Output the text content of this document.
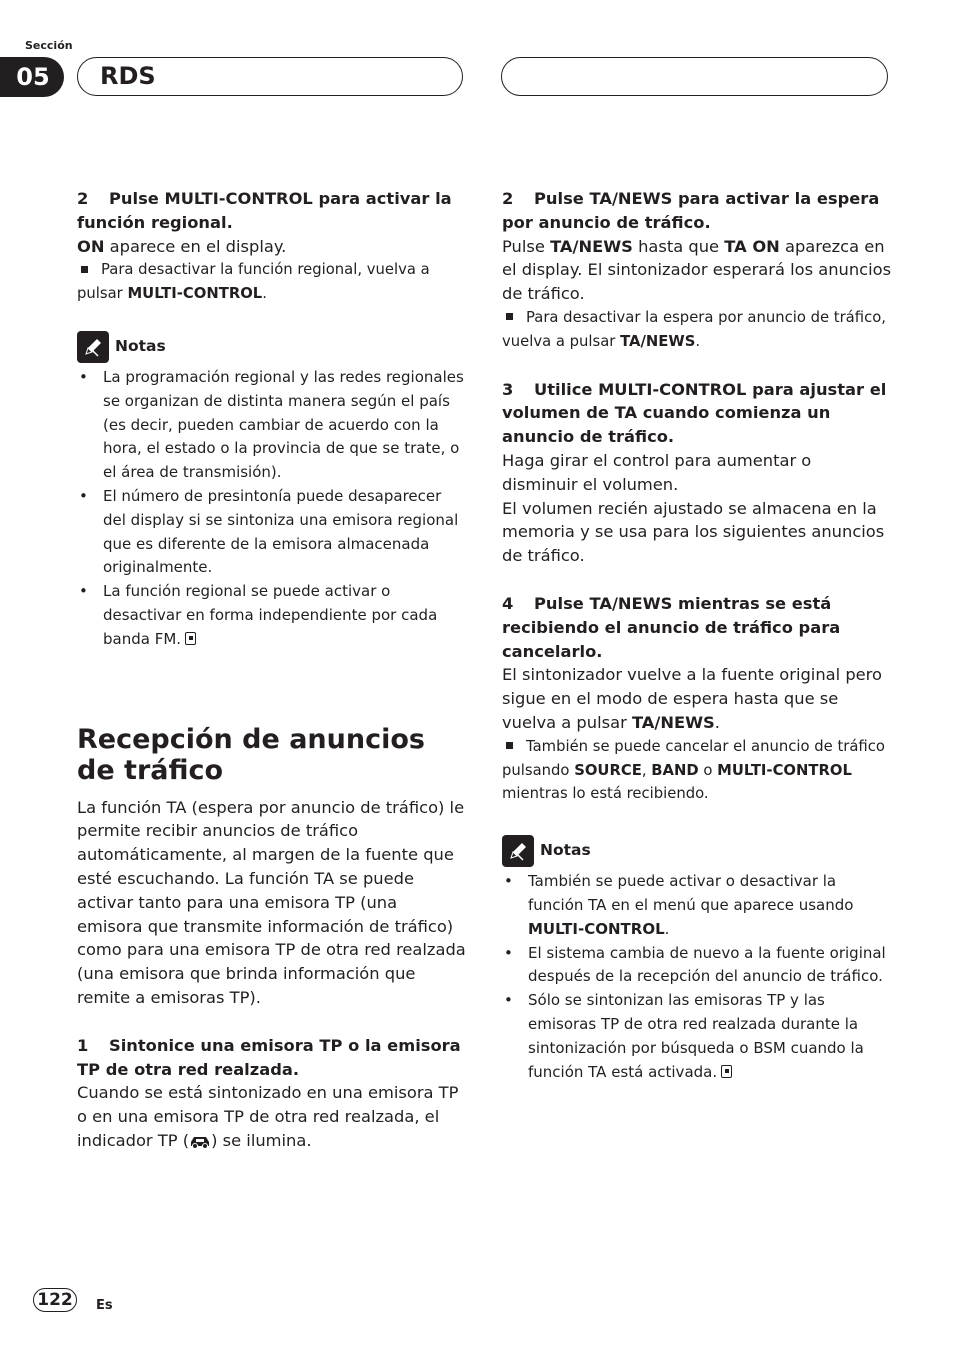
Sección
05	RDS

2 Pulse MULTI-CONTROL para activar la función regional.

ON aparece en el display.

Para desactivar la función regional, vuelva a pulsar MULTI-CONTROL.

Notas
• La programación regional y las redes regionales se organizan de distinta manera según el país (es decir, pueden cambiar de acuerdo con la hora, el estado o la provincia de que se trate, o el área de transmisión).
• El número de presintonía puede desaparecer del display si se sintoniza una emisora regional que es diferente de la emisora almacenada originalmente.
• La función regional se puede activar o desactivar en forma independiente por cada banda FM.

Recepción de anuncios de tráfico

La función TA (espera por anuncio de tráfico) le permite recibir anuncios de tráfico automáticamente, al margen de la fuente que esté escuchando. La función TA se puede activar tanto para una emisora TP (una emisora que transmite información de tráfico) como para una emisora TP de otra red realzada (una emisora que brinda información que remite a emisoras TP).

1 Sintonice una emisora TP o la emisora TP de otra red realzada.

Cuando se está sintonizado en una emisora TP o en una emisora TP de otra red realzada, el indicador TP ( ) se ilumina.

2 Pulse TA/NEWS para activar la espera por anuncio de tráfico.

Pulse TA/NEWS hasta que TA ON aparezca en el display. El sintonizador esperará los anuncios de tráfico.

Para desactivar la espera por anuncio de tráfico, vuelva a pulsar TA/NEWS.

3 Utilice MULTI-CONTROL para ajustar el volumen de TA cuando comienza un anuncio de tráfico.

Haga girar el control para aumentar o disminuir el volumen.

El volumen recién ajustado se almacena en la memoria y se usa para los siguientes anuncios de tráfico.

4 Pulse TA/NEWS mientras se está recibiendo el anuncio de tráfico para cancelarlo.

El sintonizador vuelve a la fuente original pero sigue en el modo de espera hasta que se vuelva a pulsar TA/NEWS.

También se puede cancelar el anuncio de tráfico pulsando SOURCE, BAND o MULTI-CONTROL mientras lo está recibiendo.

Notas
• También se puede activar o desactivar la función TA en el menú que aparece usando MULTI-CONTROL.
• El sistema cambia de nuevo a la fuente original después de la recepción del anuncio de tráfico.
• Sólo se sintonizan las emisoras TP y las emisoras TP de otra red realzada durante la sintonización por búsqueda o BSM cuando la función TA está activada.
122	Es
